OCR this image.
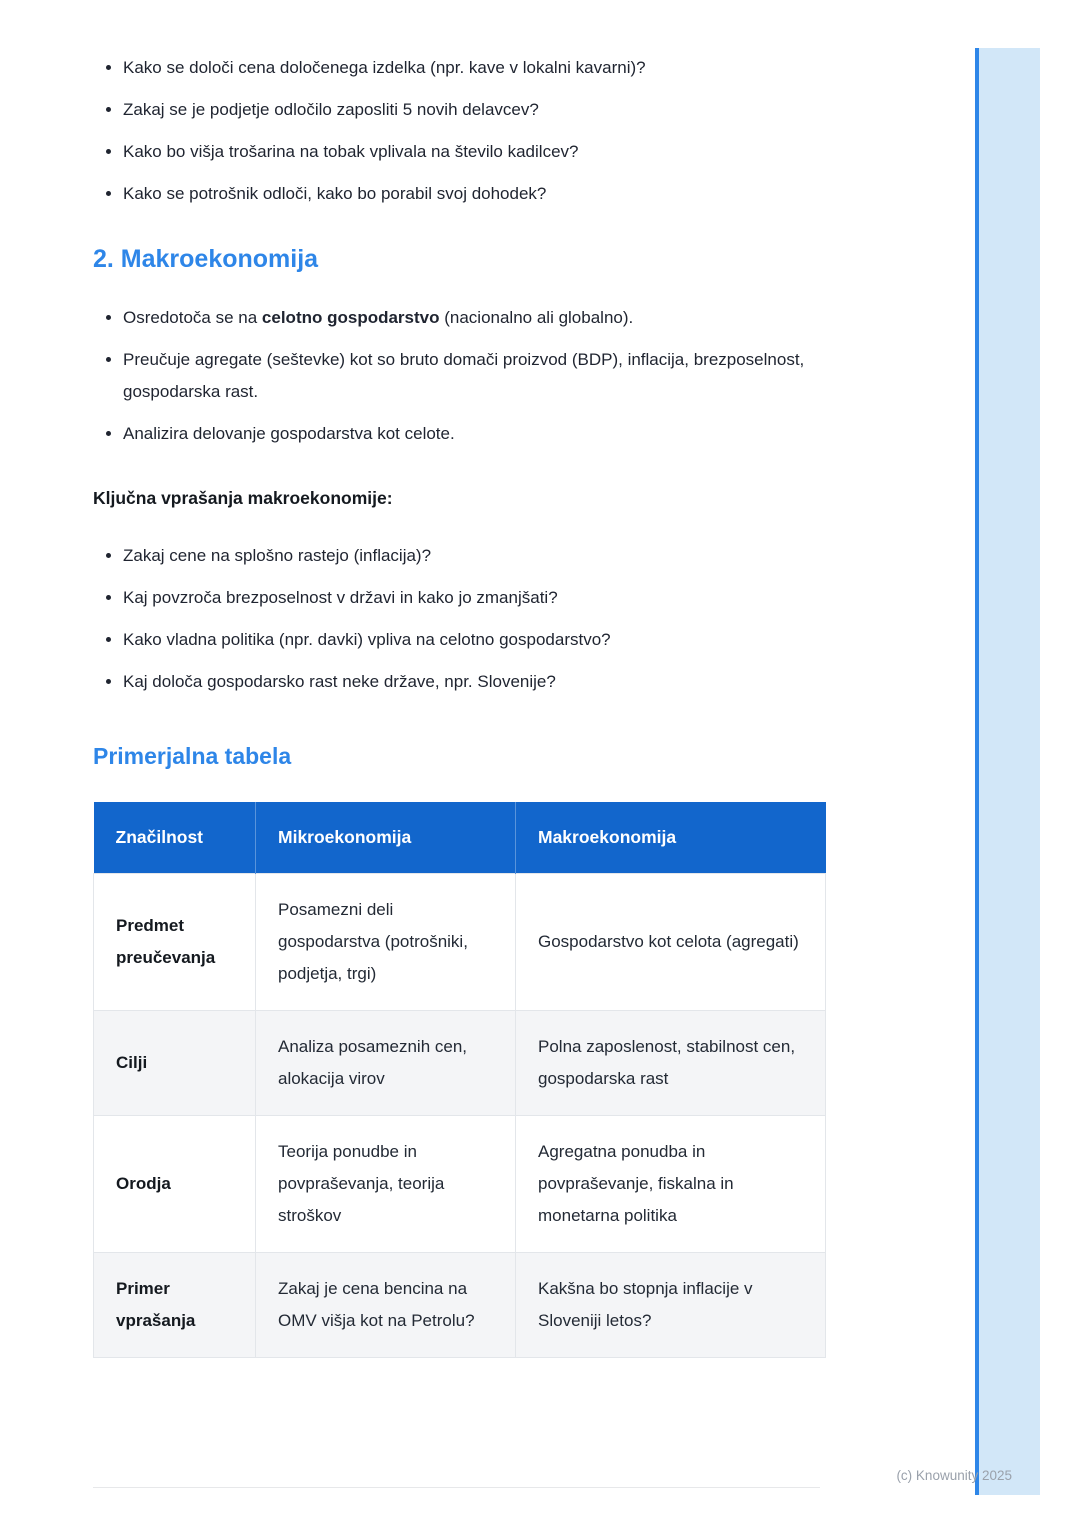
• Kako se določi cena določenega izdelka (npr. kave v lokalni kavarni)?
• Zakaj se je podjetje odločilo zaposliti 5 novih delavcev?
• Kako bo višja trošarina na tobak vplivala na število kadilcev?
• Kako se potrošnik odloči, kako bo porabil svoj dohodek?
2. Makroekonomija
• Osredotoča se na celotno gospodarstvo (nacionalno ali globalno).
• Preučuje agregate (seštevke) kot so bruto domači proizvod (BDP), inflacija, brezposelnost, gospodarska rast.
• Analizira delovanje gospodarstva kot celote.

Ključna vprašanja makroekonomije:

• Zakaj cene na splošno rastejo (inflacija)?
• Kaj povzroča brezposelnost v državi in kako jo zmanjšati?
• Kako vladna politika (npr. davki) vpliva na celotno gospodarstvo?
• Kaj določa gospodarsko rast neke države, npr. Slovenije?
Primerjalna tabela
Značilnost	Mikroekonomija	Makroekonomija
Predmet preučevanja	Posamezni deli gospodarstva (potrošniki, podjetja, trgi)	Gospodarstvo kot celota (agregati)
Cilji	Analiza posameznih cen, alokacija virov	Polna zaposlenost, stabilnost cen, gospodarska rast
Orodja	Teorija ponudbe in povpraševanja, teorija stroškov	Agregatna ponudba in povpraševanje, fiskalna in monetarna politika
Primer vprašanja	Zakaj je cena bencina na OMV višja kot na Petrolu?	Kakšna bo stopnja inflacije v Sloveniji letos?
(c) Knowunity 2025
